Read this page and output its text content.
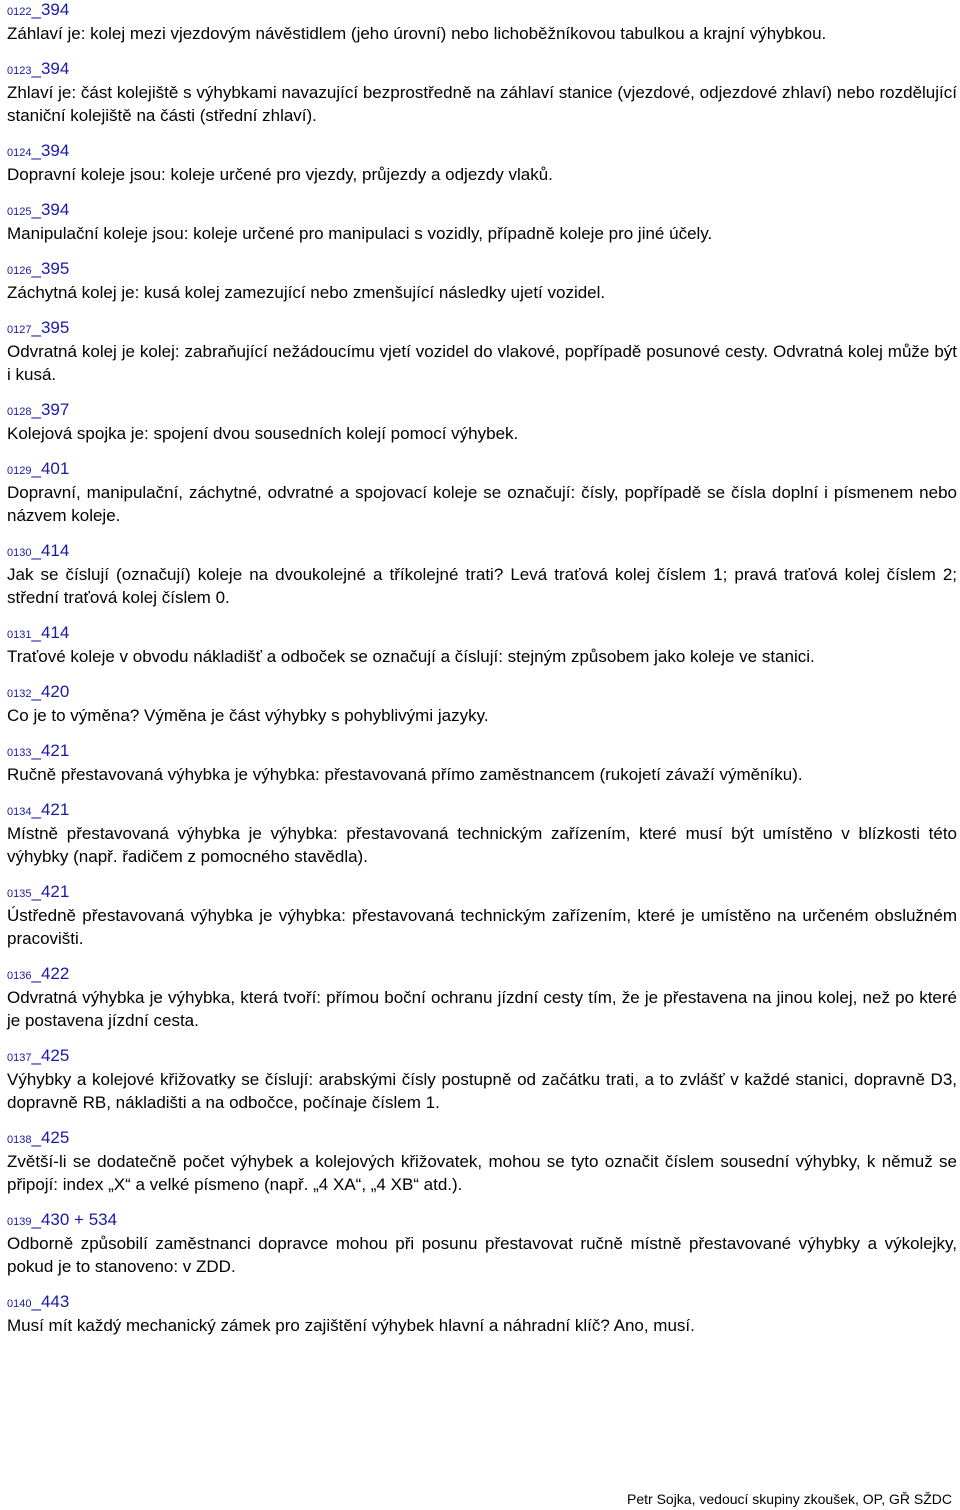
0122_394
Záhlaví je: kolej mezi vjezdovým návěstidlem (jeho úrovní) nebo lichoběžníkovou tabulkou a krajní výhybkou.
0123_394
Zhlaví je: část kolejiště s výhybkami navazující bezprostředně na záhlaví stanice (vjezdové, odjezdové zhlaví) nebo rozdělující staniční kolejiště na části (střední zhlaví).
0124_394
Dopravní koleje jsou: koleje určené pro vjezdy, průjezdy a odjezdy vlaků.
0125_394
Manipulační koleje jsou: koleje určené pro manipulaci s vozidly, případně koleje pro jiné účely.
0126_395
Záchytná kolej je: kusá kolej zamezující nebo zmenšující následky ujetí vozidel.
0127_395
Odvratná kolej je kolej: zabraňující nežádoucímu vjetí vozidel do vlakové, popřípadě posunové cesty. Odvratná kolej může být i kusá.
0128_397
Kolejová spojka je: spojení dvou sousedních kolejí pomocí výhybek.
0129_401
Dopravní, manipulační, záchytné, odvratné a spojovací koleje se označují: čísly, popřípadě se čísla doplní i písmenem nebo názvem koleje.
0130_414
Jak se číslují (označují) koleje na dvoukolejné a tříkolejné trati? Levá traťová kolej číslem 1; pravá traťová kolej číslem 2; střední traťová kolej číslem 0.
0131_414
Traťové koleje v obvodu nákladišť a odboček se označují a číslují: stejným způsobem jako koleje ve stanici.
0132_420
Co je to výměna? Výměna je část výhybky s pohyblivými jazyky.
0133_421
Ručně přestavovaná výhybka je výhybka: přestavovaná přímo zaměstnancem (rukojetí závaží výměníku).
0134_421
Místně přestavovaná výhybka je výhybka: přestavovaná technickým zařízením, které musí být umístěno v blízkosti této výhybky (např. řadičem z pomocného stavědla).
0135_421
Ústředně přestavovaná výhybka je výhybka: přestavovaná technickým zařízením, které je umístěno na určeném obslužném pracovišti.
0136_422
Odvratná výhybka je výhybka, která tvoří: přímou boční ochranu jízdní cesty tím, že je přestavena na jinou kolej, než po které je postavena jízdní cesta.
0137_425
Výhybky a kolejové křižovatky se číslují: arabskými čísly postupně od začátku trati, a to zvlášť v každé stanici, dopravně D3, dopravně RB, nákladišti a na odbočce, počínaje číslem 1.
0138_425
Zvětší-li se dodatečně počet výhybek a kolejových křižovatek, mohou se tyto označit číslem sousední výhybky, k němuž se připojí: index „X“ a velké písmeno (např. „4 XA“, „4 XB“ atd.).
0139_430 + 534
Odborně způsobilí zaměstnanci dopravce mohou při posunu přestavovat ručně místně přestavované výhybky a výkolejky, pokud je to stanoveno: v ZDD.
0140_443
Musí mít každý mechanický zámek pro zajištění výhybek hlavní a náhradní klíč? Ano, musí.
Petr Sojka, vedoucí skupiny zkoušek, OP, GŘ SŽDC
